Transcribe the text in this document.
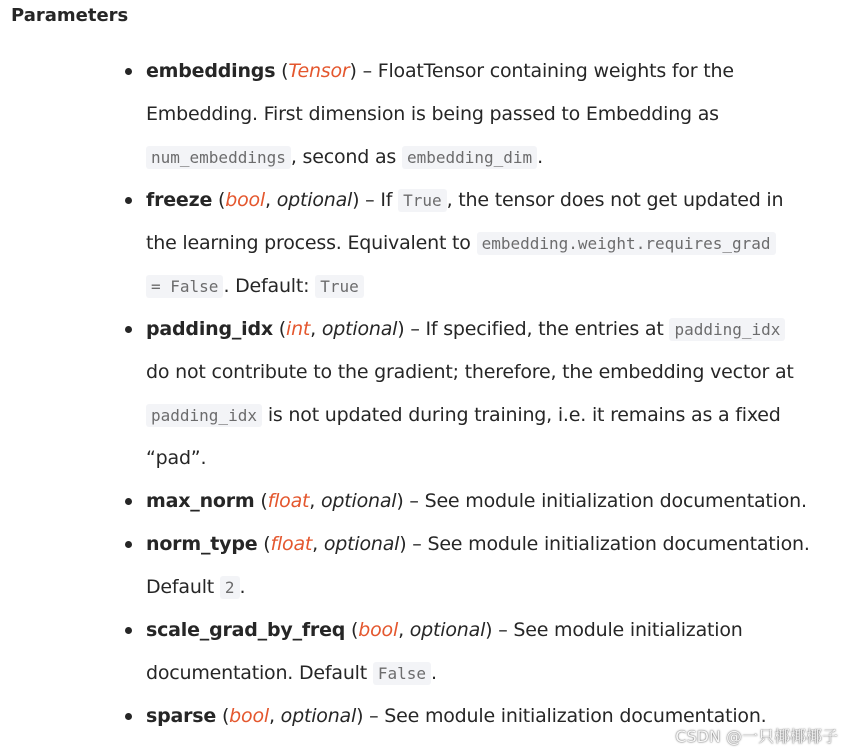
Parameters
embeddings (Tensor) – FloatTensor containing weights for the
Embedding. First dimension is being passed to Embedding as
num_embeddings , second as embedding_dim .
freeze (bool, optional) – If True , the tensor does not get updated in
the learning process. Equivalent to embedding.weight.requires_grad
= False . Default: True
padding_idx (int, optional) – If specified, the entries at padding_idx
do not contribute to the gradient; therefore, the embedding vector at
padding_idx is not updated during training, i.e. it remains as a fixed
“pad”.
max_norm (float, optional) – See module initialization documentation.
norm_type (float, optional) – See module initialization documentation.
Default 2 .
scale_grad_by_freq (bool, optional) – See module initialization
documentation. Default False .
sparse (bool, optional) – See module initialization documentation.
CSDN @一只椰椰椰子
